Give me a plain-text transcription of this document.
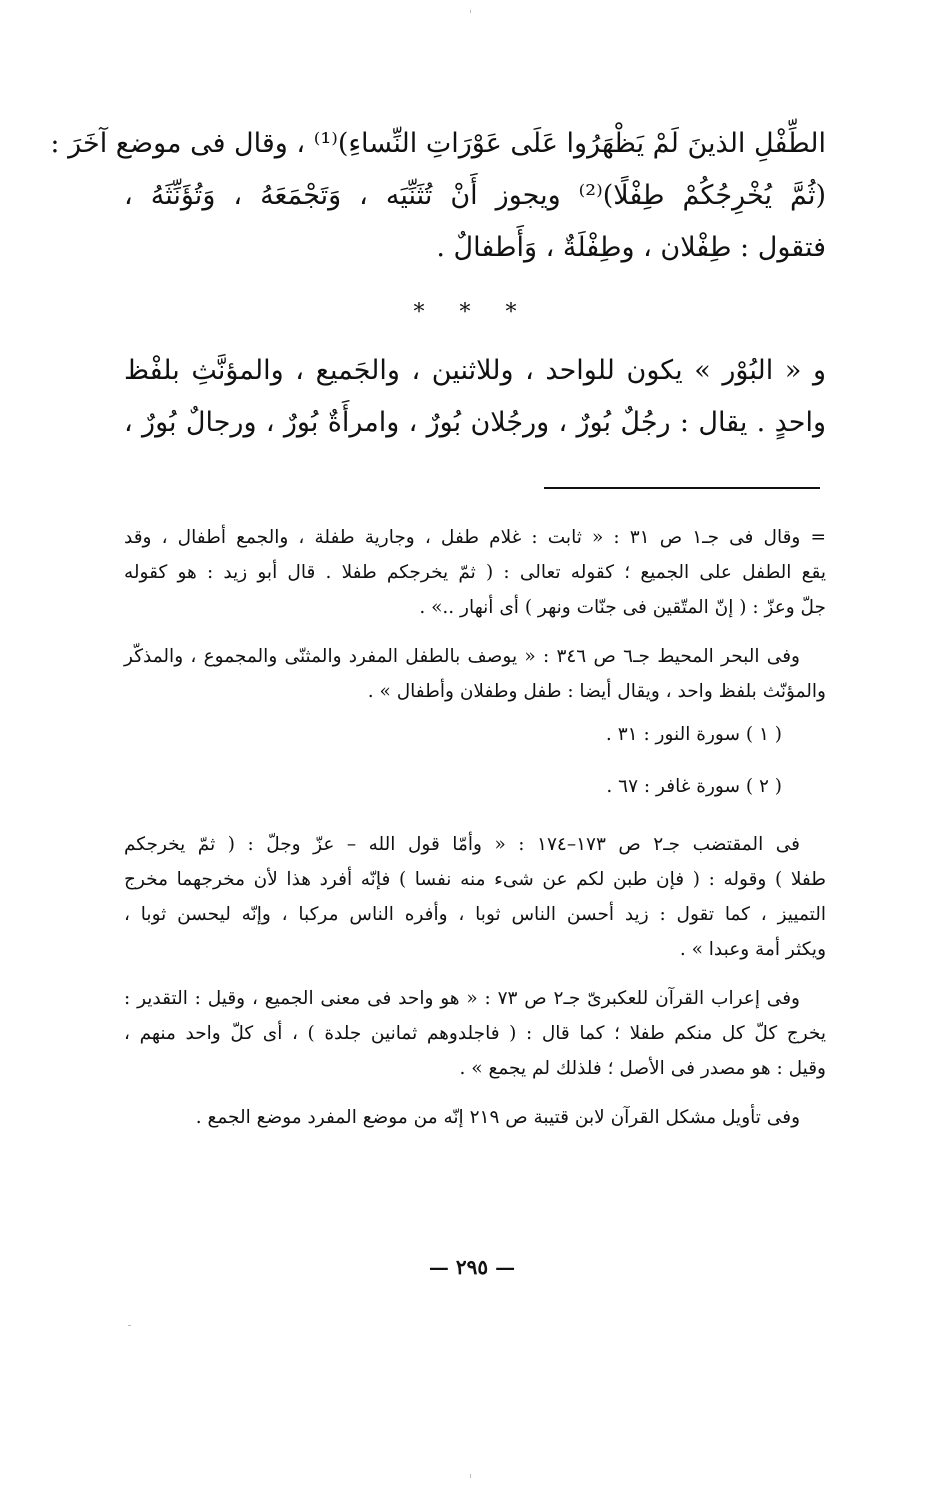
الطِّفْلِ الذينَ لَمْ يَظْهَرُوا عَلَى عَوْرَاتِ النِّساءِ)⁽¹⁾ ، وقال فى موضع آخَرَ :
(ثُمَّ يُخْرِجُكُمْ طِفْلًا)⁽²⁾ ويجوز أَنْ تُثَنِّيَه ، وَتَجْمَعَهُ ، وَتُؤَنِّثَهُ ،
فتقول : طِفْلان ، وطِفْلَةٌ ، وَأَطفالٌ .
* * *
و « البُوْر » يكون للواحد ، وللاثنين ، والجَميع ، والمؤنَّثِ بلفْظ
واحدٍ . يقال : رجُلٌ بُورٌ ، ورجُلان بُورٌ ، وامرأَةٌ بُورٌ ، ورجالٌ بُورٌ ،
= وقال فى جـ١ ص ٣١ : « ثابت : غلام طفل ، وجارية طفلة ، والجمع أطفال ، وقد
يقع الطفل على الجميع ؛ كقوله تعالى : ( ثمّ يخرجكم طفلا . قال أبو زيد : هو كقوله
جلّ وعزّ : ( إنّ المتّقين فى جنّات ونهر ) أى أنهار ..» .
وفى البحر المحيط جـ٦ ص ٣٤٦ : « يوصف بالطفل المفرد والمثنّى والمجموع ، والمذكّر
والمؤنّث بلفظ واحد ، ويقال أيضا : طفل وطفلان وأطفال » .
( ١ ) سورة النور : ٣١ .
( ٢ ) سورة غافر : ٦٧ .
فى المقتضب جـ٢ ص ١٧٣–١٧٤ : « وأمّا قول الله – عزّ وجلّ : ( ثمّ يخرجكم
طفلا ) وقوله : ( فإن طبن لكم عن شىء منه نفسا ) فإنّه أفرد هذا لأن مخرجهما مخرج
التمييز ، كما تقول : زيد أحسن الناس ثوبا ، وأفره الناس مركبا ، وإنّه ليحسن ثوبا ،
ويكثر أمة وعبدا » .
وفى إعراب القرآن للعكبرىّ جـ٢ ص ٧٣ : « هو واحد فى معنى الجميع ، وقيل : التقدير :
يخرج كلّ كل منكم طفلا ؛ كما قال : ( فاجلدوهم ثمانين جلدة ) ، أى كلّ واحد منهم ،
وقيل : هو مصدر فى الأصل ؛ فلذلك لم يجمع » .
وفى تأويل مشكل القرآن لابن قتيبة ص ٢١٩ إنّه من موضع المفرد موضع الجمع .
— ٢٩٥ —
